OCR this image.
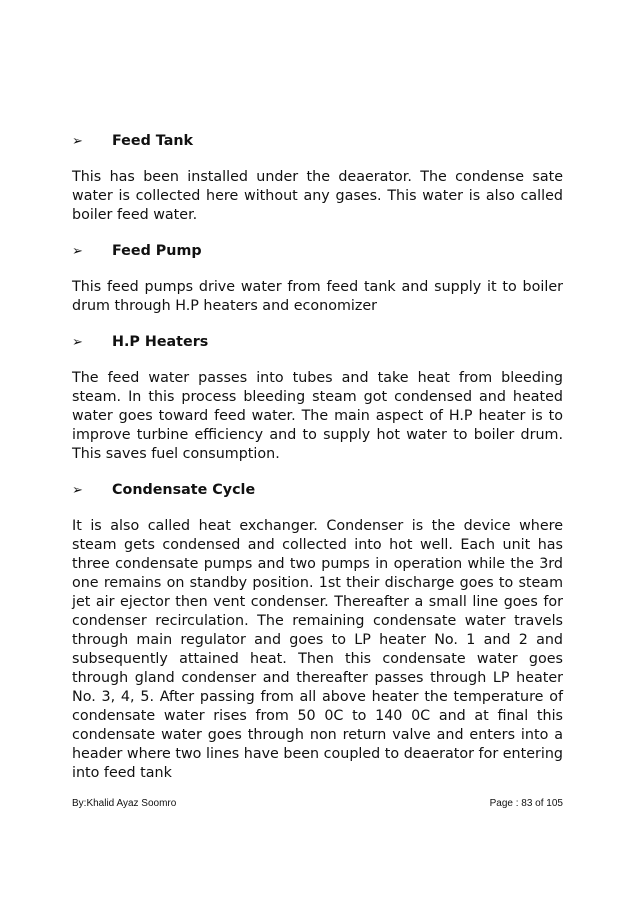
➢	Feed Tank

This has been installed under the deaerator. The condense sate water is collected here without any gases. This water is also called boiler feed water.

➢	Feed Pump

This feed pumps drive water from feed tank and supply it to boiler drum through H.P heaters and economizer

➢	H.P Heaters

The feed water passes into tubes and take heat from bleeding steam. In this process bleeding steam got condensed and heated water goes toward feed water. The main aspect of H.P heater is to improve turbine efficiency and to supply hot water to boiler drum. This saves fuel consumption.

➢	Condensate Cycle

It is also called heat exchanger. Condenser is the device where steam gets condensed and collected into hot well. Each unit has three condensate pumps and two pumps in operation while the 3rd one remains on standby position. 1st their discharge goes to steam jet air ejector then vent condenser. Thereafter a small line goes for condenser recirculation. The remaining condensate water travels through main regulator and goes to LP heater No. 1 and 2 and subsequently attained heat. Then this condensate water goes through gland condenser and thereafter passes through LP heater No. 3, 4, 5. After passing from all above heater the temperature of condensate water rises from 50 0C to 140 0C and at final this condensate water goes through non return valve and enters into a header where two lines have been coupled to deaerator for entering into feed tank

By:Khalid Ayaz Soomro	Page : 83 of 105
